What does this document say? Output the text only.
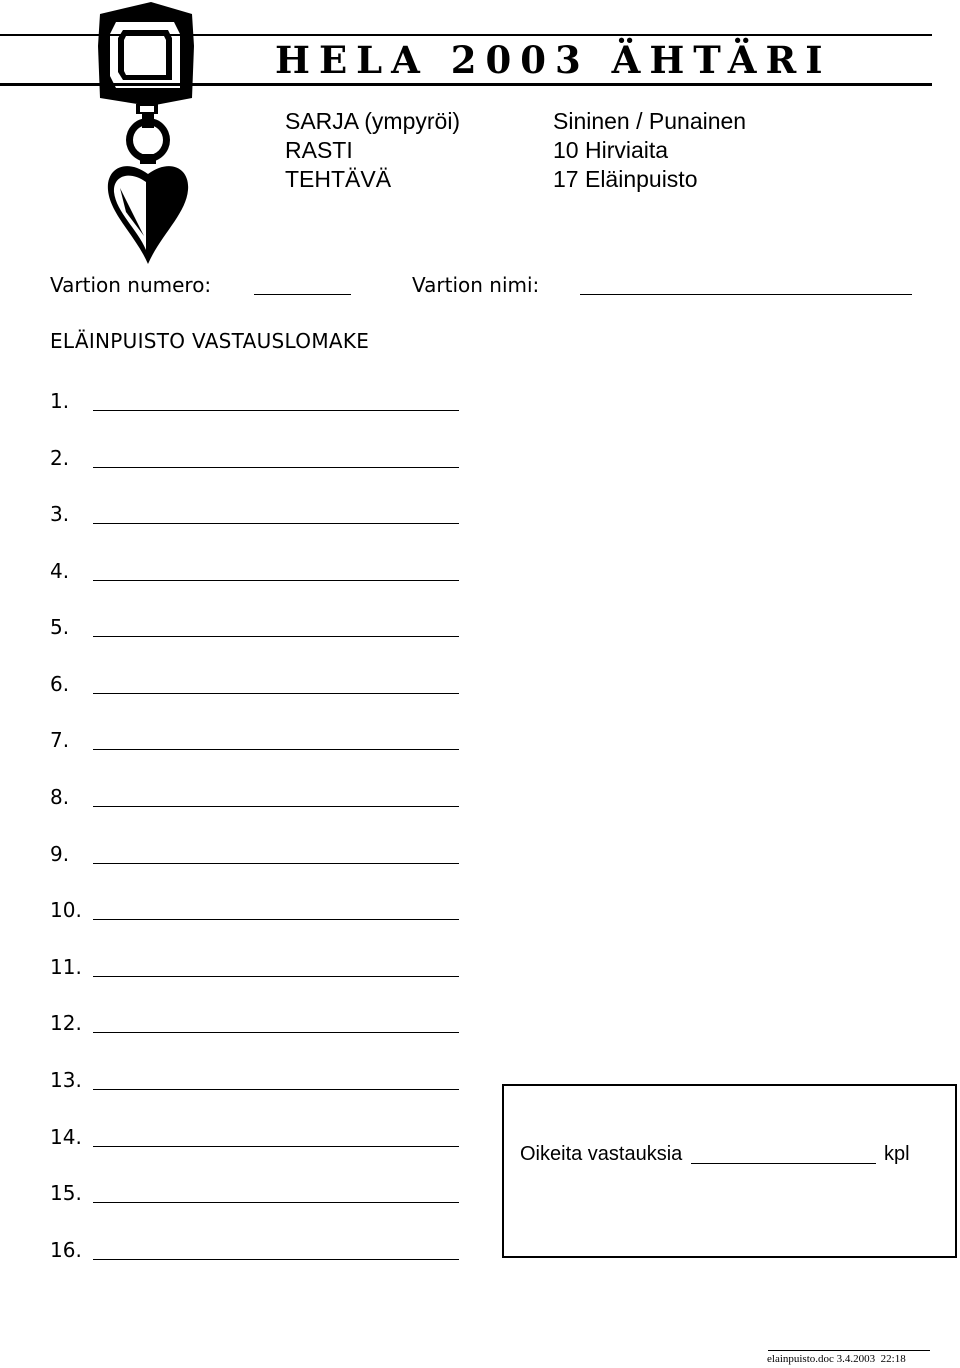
HELA 2003 ÄHTÄRI
SARJA (ympyröi)	Sininen / Punainen
RASTI	10 Hirviaita
TEHTÄVÄ	17 Eläinpuisto
Vartion numero:	Vartion nimi:
ELÄINPUISTO VASTAUSLOMAKE
1.
2.
3.
4.
5.
6.
7.
8.
9.
10.
11.
12.
13.
14.
15.
16.
Oikeita vastauksia	kpl
elainpuisto.doc 3.4.2003  22:18
